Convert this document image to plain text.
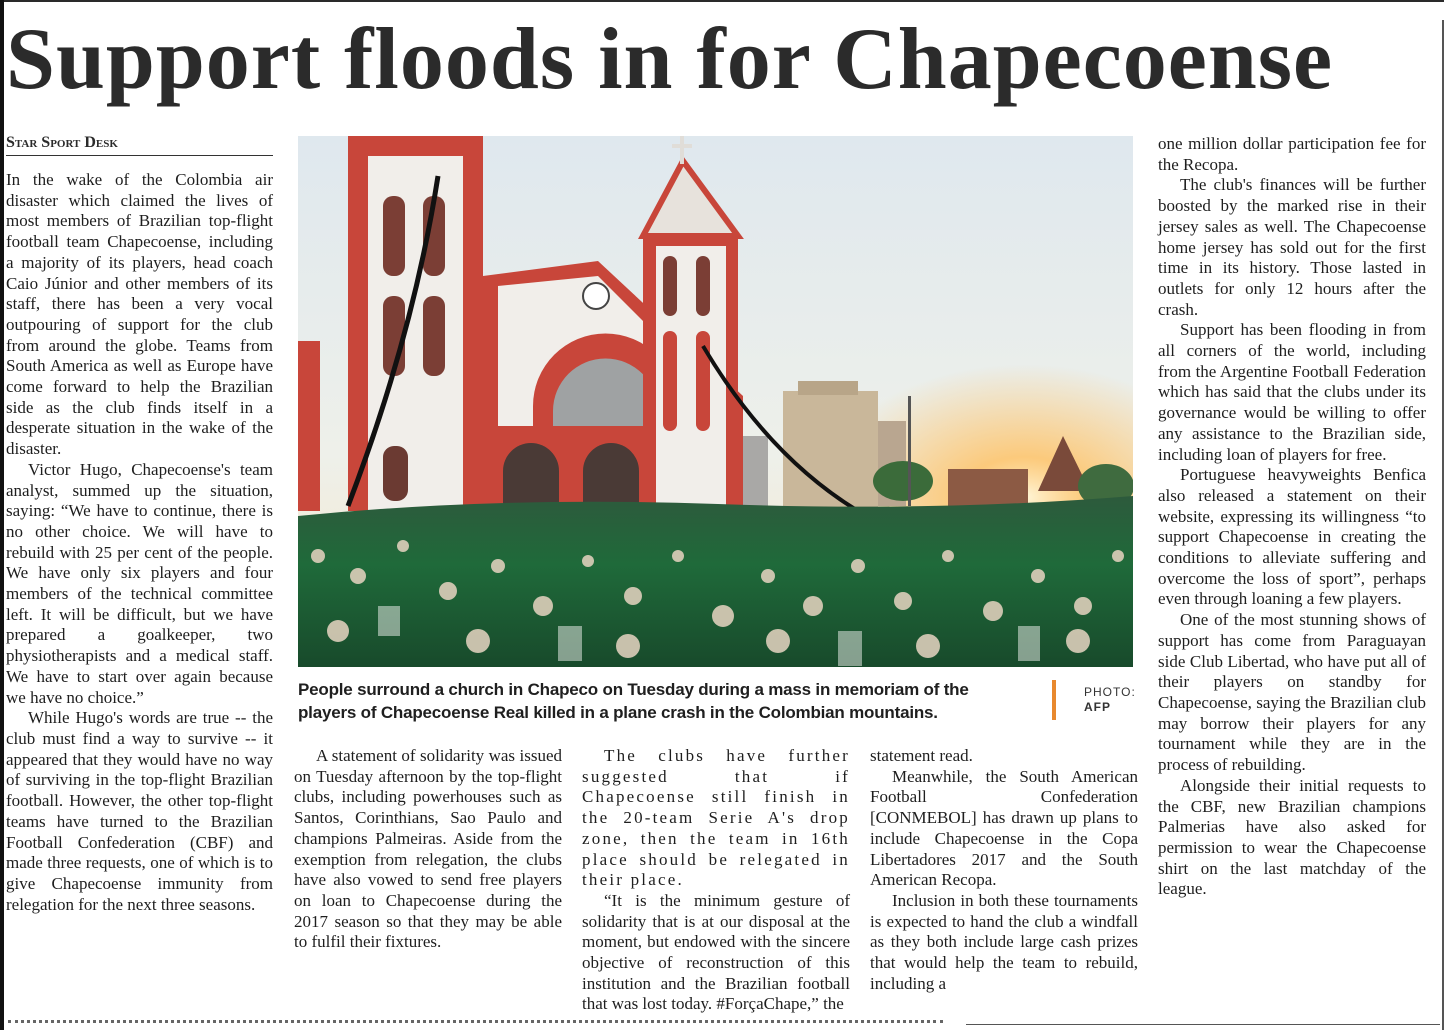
Support floods in for Chapecoense
Star Sport Desk

In the wake of the Colombia air disaster which claimed the lives of most members of Brazilian top-flight football team Chapecoense, including a majority of its players, head coach Caio Júnior and other members of its staff, there has been a very vocal outpouring of support for the club from around the globe. Teams from South America as well as Europe have come forward to help the Brazilian side as the club finds itself in a desperate situation in the wake of the disaster.

Victor Hugo, Chapecoense's team analyst, summed up the situation, saying: “We have to continue, there is no other choice. We will have to rebuild with 25 per cent of the people. We have only six players and four members of the technical committee left. It will be difficult, but we have prepared a goalkeeper, two physiotherapists and a medical staff. We have to start over again because we have no choice.”

While Hugo's words are true -- the club must find a way to survive -- it appeared that they would have no way of surviving in the top-flight Brazilian football. However, the other top-flight teams have turned to the Brazilian Football Confederation (CBF) and made three requests, one of which is to give Chapecoense immunity from relegation for the next three seasons.

People surround a church in Chapeco on Tuesday during a mass in memoriam of the
players of Chapecoense Real killed in a plane crash in the Colombian mountains.
PHOTO:
AFP

A statement of solidarity was issued on Tuesday afternoon by the top-flight clubs, including powerhouses such as Santos, Corinthians, Sao Paulo and champions Palmeiras. Aside from the exemption from relegation, the clubs have also vowed to send free players on loan to Chapecoense during the 2017 season so that they may be able to fulfil their fixtures.

The clubs have further suggested that if Chapecoense still finish in the 20-team Serie A's drop zone, then the team in 16th place should be relegated in their place.

“It is the minimum gesture of solidarity that is at our disposal at the moment, but endowed with the sincere objective of reconstruction of this institution and the Brazilian football that was lost today. #ForçaChape,” the

statement read.

Meanwhile, the South American Football Confederation [CONMEBOL] has drawn up plans to include Chapecoense in the Copa Libertadores 2017 and the South American Recopa.

Inclusion in both these tournaments is expected to hand the club a windfall as they both include large cash prizes that would help the team to rebuild, including a

one million dollar participation fee for the Recopa.

The club's finances will be further boosted by the marked rise in their jersey sales as well. The Chapecoense home jersey has sold out for the first time in its history. Those lasted in outlets for only 12 hours after the crash.

Support has been flooding in from all corners of the world, including from the Argentine Football Federation which has said that the clubs under its governance would be willing to offer any assistance to the Brazilian side, including loan of players for free.

Portuguese heavyweights Benfica also released a statement on their website, expressing its willingness “to support Chapecoense in creating the conditions to alleviate suffering and overcome the loss of sport”, perhaps even through loaning a few players.

One of the most stunning shows of support has come from Paraguayan side Club Libertad, who have put all of their players on standby for Chapecoense, saying the Brazilian club may borrow their players for any tournament while they are in the process of rebuilding.

Alongside their initial requests to the CBF, new Brazilian champions Palmerias have also asked for permission to wear the Chapecoense shirt on the last matchday of the league.
